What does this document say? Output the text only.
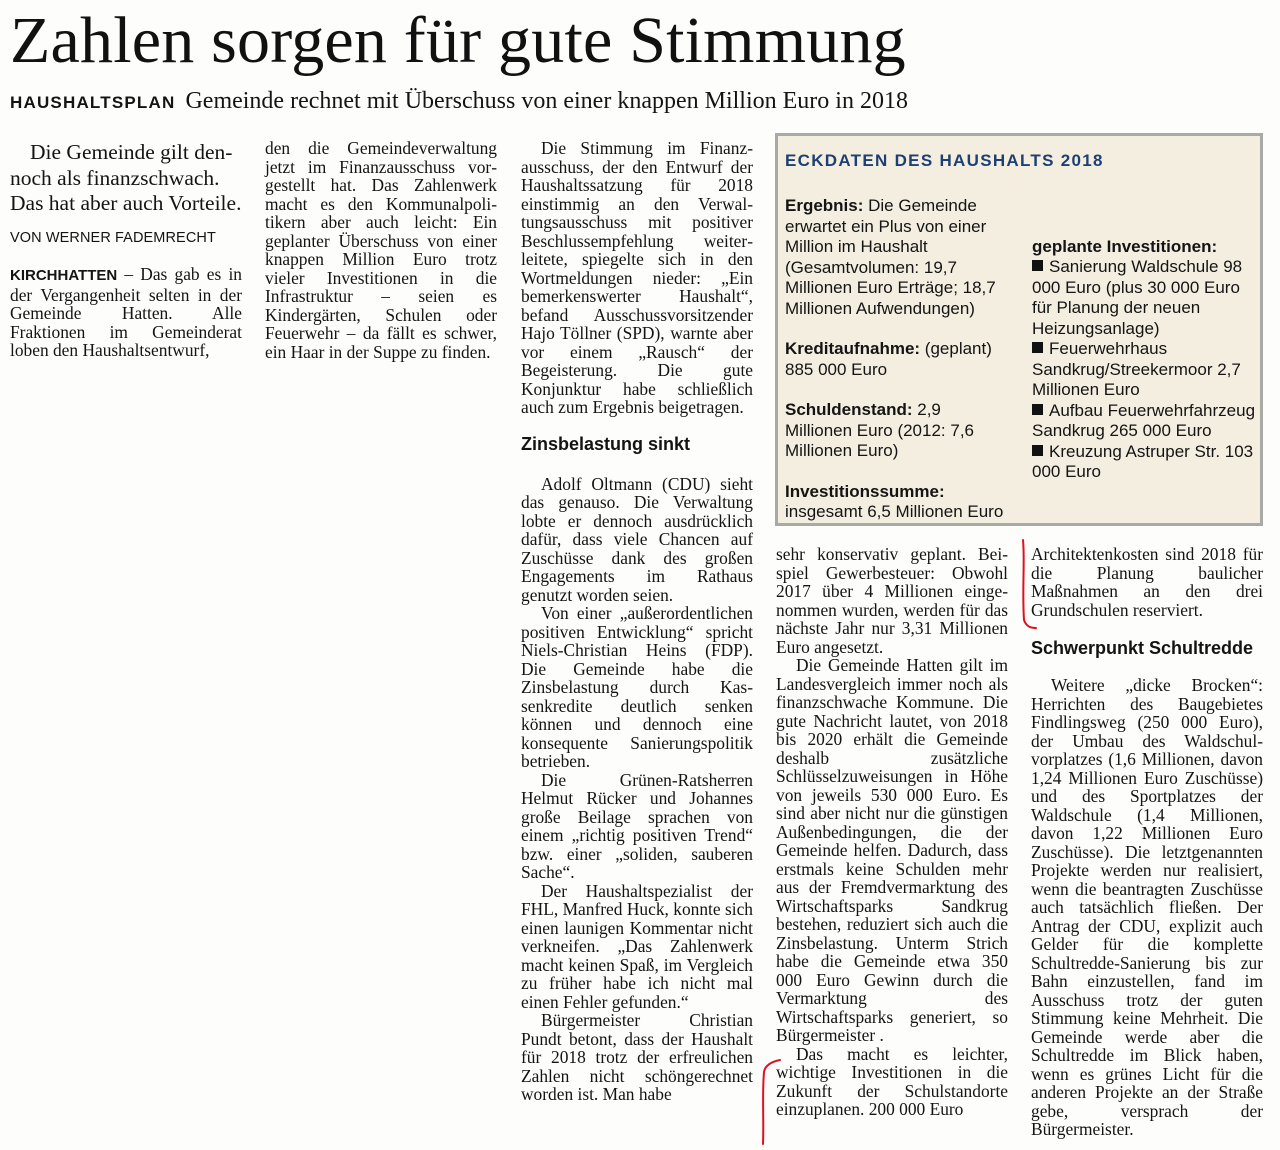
Zahlen sorgen für gute Stimmung
HAUSHALTSPLAN Gemeinde rechnet mit Überschuss von einer knappen Million Euro in 2018

Die Gemeinde gilt dennoch als finanzschwach. Das hat aber auch Vorteile.

VON WERNER FADEMRECHT

KIRCHHATTEN – Das gab es in der Vergangenheit selten in der Gemeinde Hatten. Alle Fraktionen im Gemeinderat loben den Haushaltsentwurf,

den die Gemeindeverwaltung jetzt im Finanzausschuss vorgestellt hat. Das Zahlenwerk macht es den Kommunalpolitikern aber auch leicht: Ein geplanter Überschuss von einer knappen Million Euro trotz vieler Investitionen in die Infrastruktur – seien es Kindergärten, Schulen oder Feuerwehr – da fällt es schwer, ein Haar in der Suppe zu finden.

Die Stimmung im Finanzausschuss, der den Entwurf der Haushaltssatzung für 2018 einstimmig an den Verwaltungsausschuss mit positiver Beschlussempfehlung weiterleitete, spiegelte sich in den Wortmeldungen nieder: „Ein bemerkenswerter Haushalt“, befand Ausschussvorsitzender Hajo Töllner (SPD), warnte aber vor einem „Rausch“ der Begeisterung. Die gute Konjunktur habe schließlich auch zum Ergebnis beigetragen.

Zinsbelastung sinkt

Adolf Oltmann (CDU) sieht das genauso. Die Verwaltung lobte er dennoch ausdrücklich dafür, dass viele Chancen auf Zuschüsse dank des großen Engagements im Rathaus genutzt worden seien.

Von einer „außerordentlichen positiven Entwicklung“ spricht Niels-Christian Heins (FDP). Die Gemeinde habe die Zinsbelastung durch Kassenkredite deutlich senken können und dennoch eine konsequente Sanierungspolitik betrieben.

Die Grünen-Ratsherren Helmut Rücker und Johannes große Beilage sprachen von einem „richtig positiven Trend“ bzw. einer „soliden, sauberen Sache“.

Der Haushaltspezialist der FHL, Manfred Huck, konnte sich einen launigen Kommentar nicht verkneifen. „Das Zahlenwerk macht keinen Spaß, im Vergleich zu früher habe ich nicht mal einen Fehler gefunden.“

Bürgermeister Christian Pundt betont, dass der Haushalt für 2018 trotz der erfreulichen Zahlen nicht schöngerechnet worden ist. Man habe

ECKDATEN DES HAUSHALTS 2018

Ergebnis: Die Gemeinde erwartet ein Plus von einer Million im Haushalt (Gesamtvolumen: 19,7 Millionen Euro Erträge; 18,7 Millionen Aufwendungen)

Kreditaufnahme: (geplant) 885 000 Euro

Schuldenstand: 2,9 Millionen Euro (2012: 7,6 Millionen Euro)

Investitionssumme: insgesamt 6,5 Millionen Euro

geplante Investitionen:

Sanierung Waldschule 98 000 Euro (plus 30 000 Euro für Planung der neuen Heizungsanlage)

Feuerwehrhaus Sandkrug/Streekermoor 2,7 Millionen Euro

Aufbau Feuerwehrfahrzeug Sandkrug 265 000 Euro

Kreuzung Astruper Str. 103 000 Euro

sehr konservativ geplant. Beispiel Gewerbesteuer: Obwohl 2017 über 4 Millionen eingenommen wurden, werden für das nächste Jahr nur 3,31 Millionen Euro angesetzt.

Die Gemeinde Hatten gilt im Landesvergleich immer noch als finanzschwache Kommune. Die gute Nachricht lautet, von 2018 bis 2020 erhält die Gemeinde deshalb zusätzliche Schlüsselzuweisungen in Höhe von jeweils 530 000 Euro. Es sind aber nicht nur die günstigen Außenbedingungen, die der Gemeinde helfen. Dadurch, dass erstmals keine Schulden mehr aus der Fremdvermarktung des Wirtschaftsparks Sandkrug bestehen, reduziert sich auch die Zinsbelastung. Unterm Strich habe die Gemeinde etwa 350 000 Euro Gewinn durch die Vermarktung des Wirtschaftsparks generiert, so Bürgermeister .

Das macht es leichter, wichtige Investitionen in die Zukunft der Schulstandorte einzuplanen. 200 000 Euro

Architektenkosten sind 2018 für die Planung baulicher Maßnahmen an den drei Grundschulen reserviert.

Schwerpunkt Schultredde

Weitere „dicke Brocken“: Herrichten des Baugebietes Findlingsweg (250 000 Euro), der Umbau des Waldschulvorplatzes (1,6 Millionen, davon 1,24 Millionen Euro Zuschüsse) und des Sportplatzes der Waldschule (1,4 Millionen, davon 1,22 Millionen Euro Zuschüsse). Die letztgenannten Projekte werden nur realisiert, wenn die beantragten Zuschüsse auch tatsächlich fließen. Der Antrag der CDU, explizit auch Gelder für die komplette Schultredde-Sanierung bis zur Bahn einzustellen, fand im Ausschuss trotz der guten Stimmung keine Mehrheit. Die Gemeinde werde aber die Schultredde im Blick haben, wenn es grünes Licht für die anderen Projekte an der Straße gebe, versprach der Bürgermeister.
